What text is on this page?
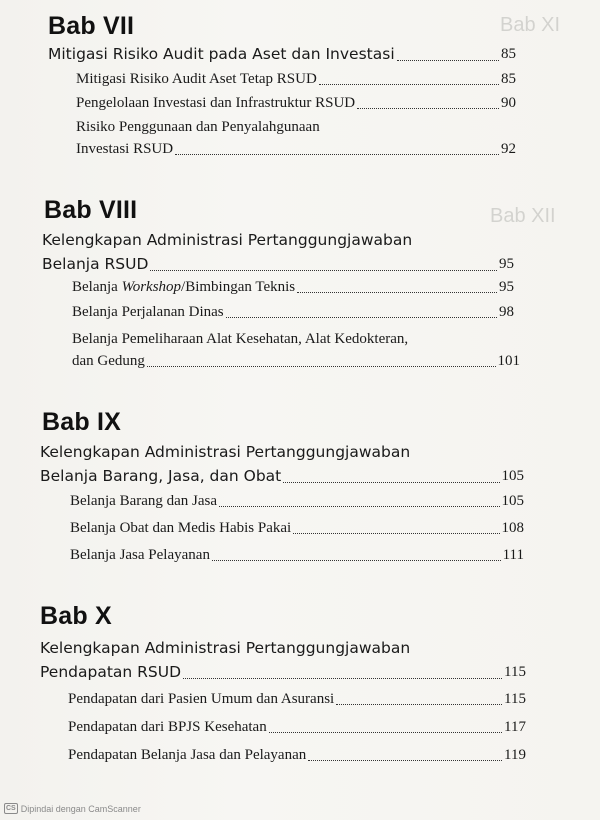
Bab XI
Bab XII
Bab VII
Mitigasi Risiko Audit pada Aset dan Investasi	85
Mitigasi Risiko Audit Aset Tetap RSUD	85
Pengelolaan Investasi dan Infrastruktur RSUD	90
Risiko Penggunaan dan Penyalahgunaan
Investasi RSUD	92
Bab VIII
Kelengkapan Administrasi Pertanggungjawaban
Belanja RSUD	95
Belanja Workshop/Bimbingan Teknis	95
Belanja Perjalanan Dinas	98
Belanja Pemeliharaan Alat Kesehatan, Alat Kedokteran,
dan Gedung	101
Bab IX
Kelengkapan Administrasi Pertanggungjawaban
Belanja Barang, Jasa, dan Obat	105
Belanja Barang dan Jasa	105
Belanja Obat dan Medis Habis Pakai	108
Belanja Jasa Pelayanan	111
Bab X
Kelengkapan Administrasi Pertanggungjawaban
Pendapatan RSUD	115
Pendapatan dari Pasien Umum dan Asuransi	115
Pendapatan dari BPJS Kesehatan	117
Pendapatan Belanja Jasa dan Pelayanan	119
CS Dipindai dengan CamScanner
